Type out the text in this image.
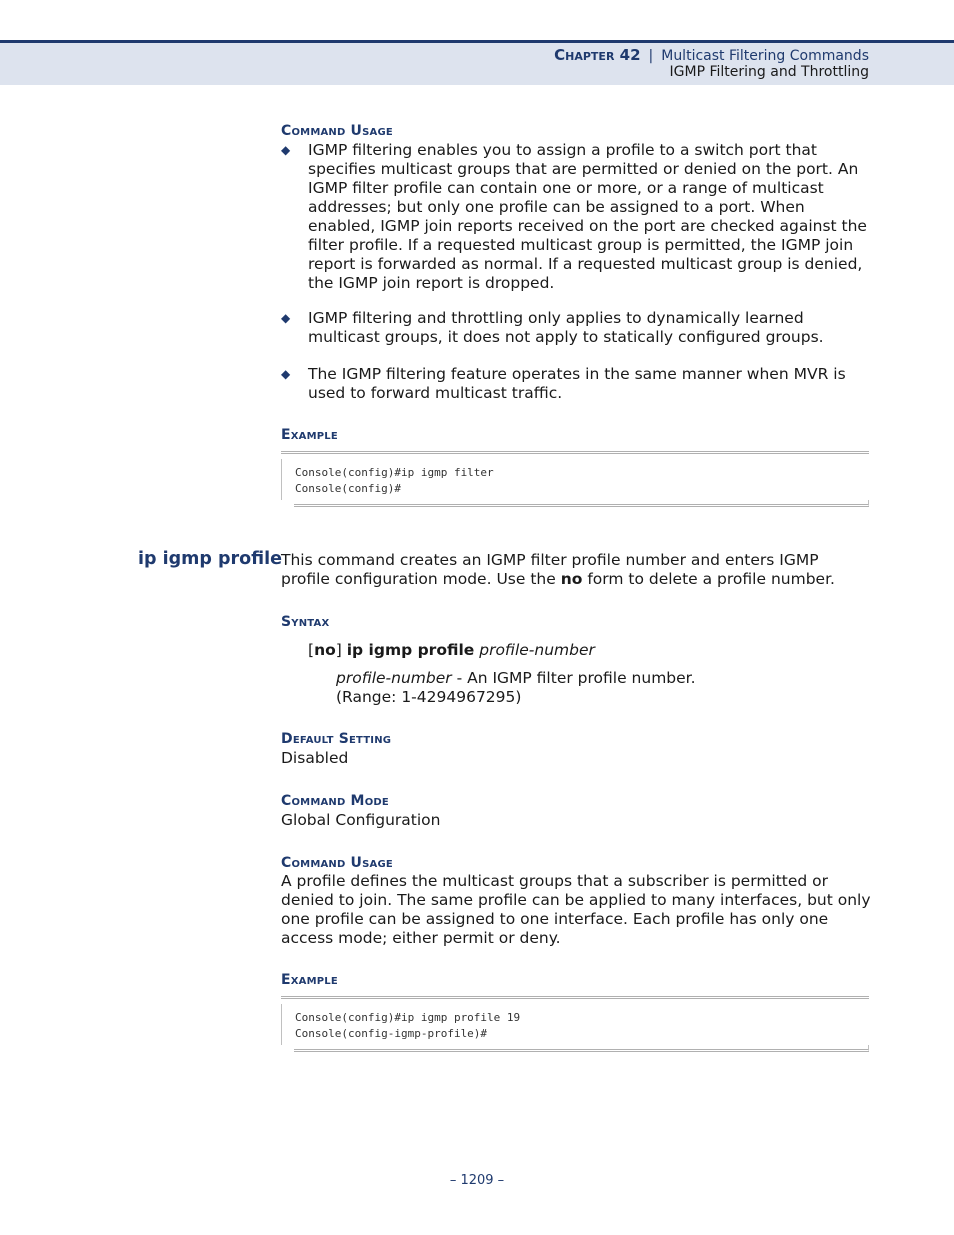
Chapter 42 | Multicast Filtering Commands
IGMP Filtering and Throttling
Command Usage
◆ IGMP filtering enables you to assign a profile to a switch port that specifies multicast groups that are permitted or denied on the port. An IGMP filter profile can contain one or more, or a range of multicast addresses; but only one profile can be assigned to a port. When enabled, IGMP join reports received on the port are checked against the filter profile. If a requested multicast group is permitted, the IGMP join report is forwarded as normal. If a requested multicast group is denied, the IGMP join report is dropped.
◆ IGMP filtering and throttling only applies to dynamically learned multicast groups, it does not apply to statically configured groups.
◆ The IGMP filtering feature operates in the same manner when MVR is used to forward multicast traffic.
Example
Console(config)#ip igmp filter
Console(config)#
ip igmp profile
This command creates an IGMP filter profile number and enters IGMP profile configuration mode. Use the no form to delete a profile number.
Syntax
[no] ip igmp profile profile-number
profile-number - An IGMP filter profile number.
(Range: 1-4294967295)
Default Setting
Disabled
Command Mode
Global Configuration
Command Usage
A profile defines the multicast groups that a subscriber is permitted or denied to join. The same profile can be applied to many interfaces, but only one profile can be assigned to one interface. Each profile has only one access mode; either permit or deny.
Example
Console(config)#ip igmp profile 19
Console(config-igmp-profile)#
– 1209 –
